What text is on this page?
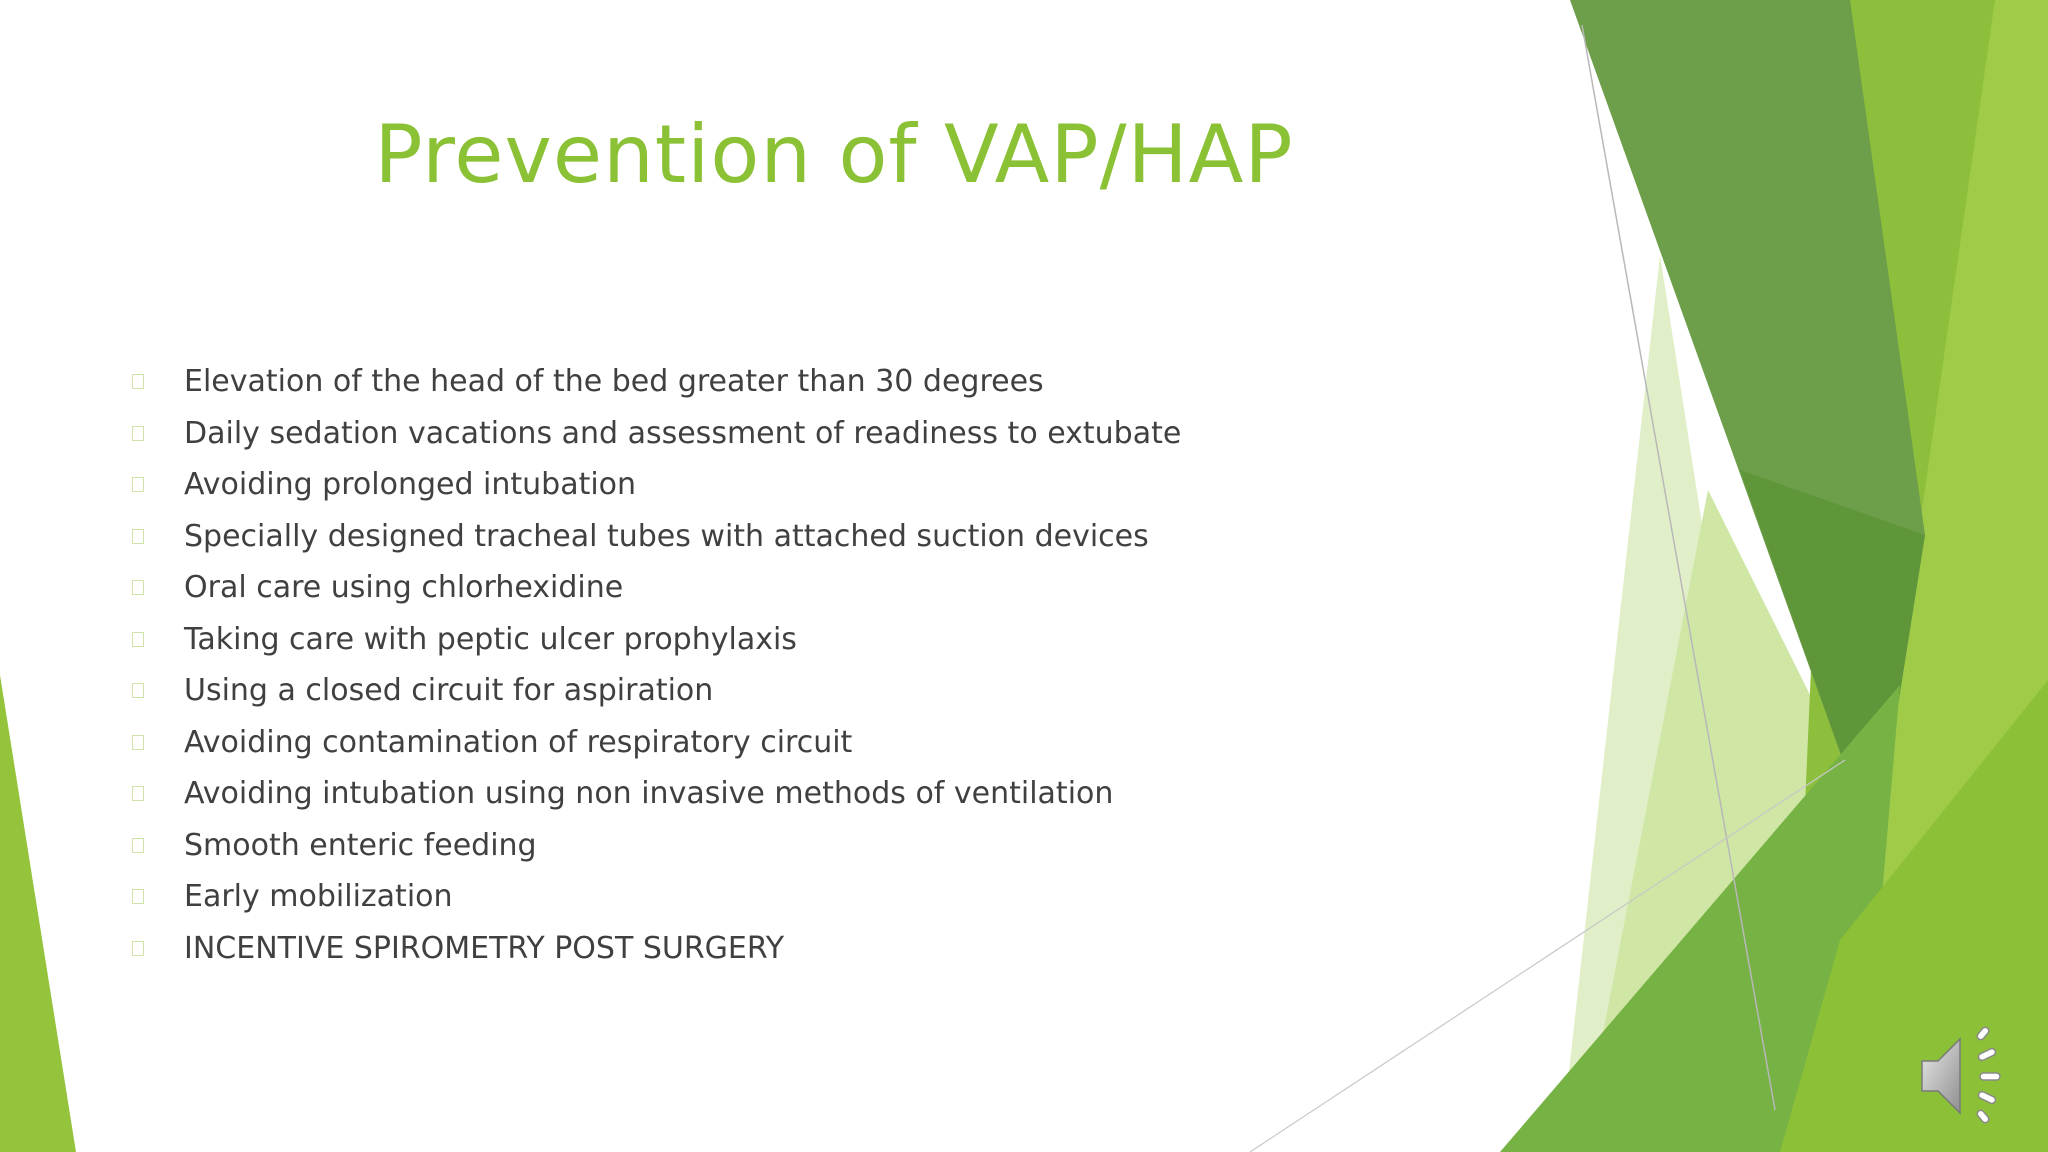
Prevention of VAP/HAP
Elevation of the head of the bed greater than 30 degrees
Daily sedation vacations and assessment of readiness to extubate
Avoiding prolonged intubation
Specially designed tracheal tubes with attached suction devices
Oral care using chlorhexidine
Taking care with peptic ulcer prophylaxis
Using a closed circuit for aspiration
Avoiding contamination of respiratory circuit
Avoiding intubation using non invasive methods of ventilation
Smooth enteric feeding
Early mobilization
INCENTIVE SPIROMETRY POST SURGERY
